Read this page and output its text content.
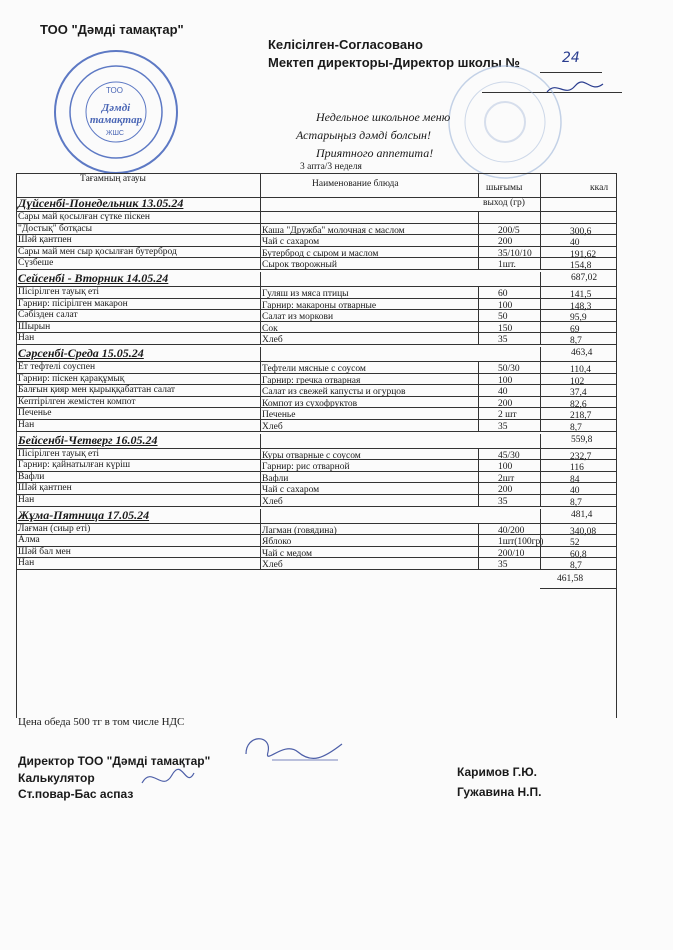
ТОО "Дәмді тамақтар"
Келісілген-Согласовано
Мектеп директоры-Директор школы №	24
ТОО
Дәмді тамақтар
ЖШС
Недельное школьное меню
Астарыңыз дәмді болсын!
Приятного аппетита!
3 апта/3 неделя
Тағамның атауы	Наименование блюда	шығымы	ккал
выход (гр)
Дүйсенбі-Понедельник 13.05.24
Сары май қосылған сүтке піскен
"Достық" ботқасы	Каша "Дружба" молочная с маслом	200/5	300,6
Шәй қантпен	Чай с сахаром	200	40
Сары май мен сыр қосылған бутерброд	Бутерброд с сыром и маслом	35/10/10	191,62
Сүзбеше	Сырок творожный	1шт.	154,8
Сейсенбі - Вторник 14.05.24	687,02
Пісірілген тауық еті	Гуляш из мяса птицы	60	141,5
Гарнир: пісірілген макарон	Гарнир: макароны отварные	100	148,3
Сәбізден салат	Салат из моркови	50	95,9
Шырын	Сок	150	69
Нан	Хлеб	35	8,7
Сәрсенбі-Среда 15.05.24	463,4
Ет тефтелі соуспен	Тефтели мясные с соусом	50/30	110,4
Гарнир: піскен қарақұмық	Гарнир: гречка отварная	100	102
Балғын қияр мен қырыққабаттан салат	Салат из свежей капусты и огурцов	40	37,4
Кептірілген жемістен компот	Компот из сухофруктов	200	82,6
Печенье	Печенье	2 шт	218,7
Нан	Хлеб	35	8,7
Бейсенбі-Четверг 16.05.24	559,8
Пісірілген тауық еті	Куры отварные с соусом	45/30	232,7
Гарнир: қайнатылған күріш	Гарнир: рис отварной	100	116
Вафли	Вафли	2шт	84
Шәй қантпен	Чай с сахаром	200	40
Нан	Хлеб	35	8,7
Жұма-Пятница 17.05.24	481,4
Лағман (сиыр еті)	Лагман (говядина)	40/200	340,08
Алма	Яблоко	1шт(100гр)	52
Шәй бал мен	Чай с медом	200/10	60,8
Нан	Хлеб	35	8,7
461,58
Цена обеда 500 тг в том числе НДС
Директор ТОО "Дәмді тамақтар"
Калькулятор
Ст.повар-Бас аспаз
Каримов Г.Ю.
Гужавина Н.П.
